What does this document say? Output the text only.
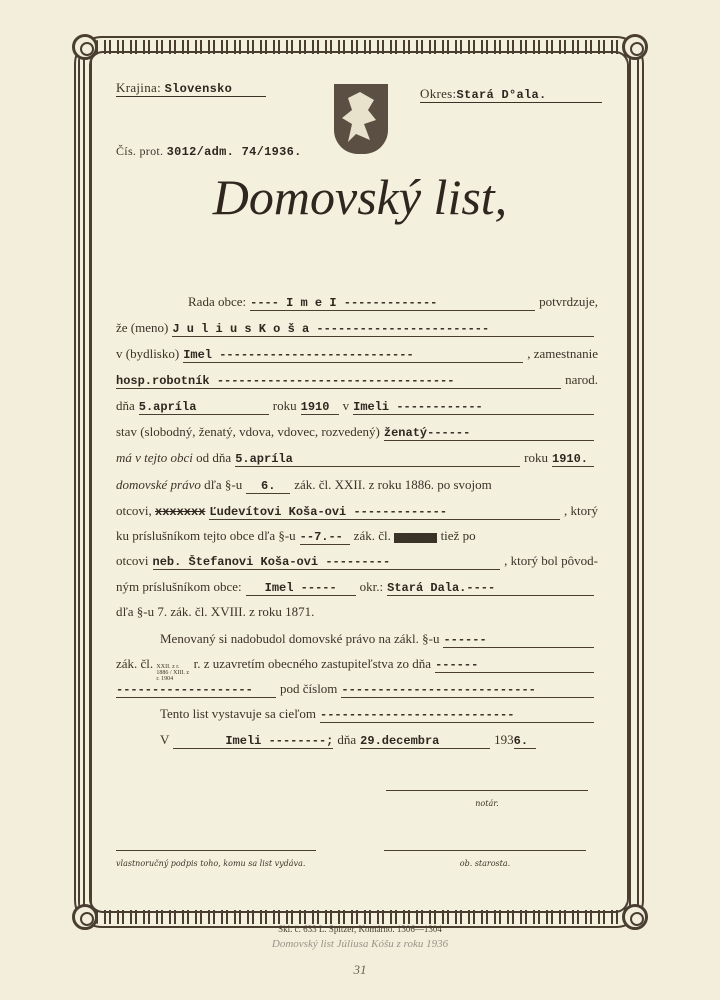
Krajina: Slovensko	Okres:Stará D°ala.
Čís. prot. 3012/adm. 74/1936.
Domovský list,
Rada obce: ---- I m e I -------------	potvrdzuje,
že (meno) J u l i u s K o š a ------------------------
v (bydlisko) Imel ---------------------------	, zamestnanie
hosp.robotník ---------------------------------	narod.
dňa 5.apríla	roku 1910	v Imeli ------------
stav (slobodný, ženatý, vdova, vdovec, rozvedený) ženatý------
má v
tejto
obci
od dňa 5.apríla	roku 1910.
domovské právo
dľa §-u	6.	zák. čl. XXII. z roku 1886. po svojom
otcovi,
xxxxxxx Ľudevítovi Koša-ovi -------------	, ktorý
ku príslušníkom tejto obce dľa §-u --7.-- zák. čl.
XXXXXXXX
tiež po
otcovi neb. Štefanovi Koša-ovi ---------	, ktorý bol pôvod-
ným príslušníkom obce:	Imel -----	okr.: Stará Dala.----
dľa §-u 7. zák. čl. XVIII. z roku 1871.
Menovaný si nadobudol domovské právo na zákl. §-u ------
zák. čl.
XXII. z r. 1886 / XIII. z r. 1904

r. z uzavretím obecného zastupiteľstva zo dňa ------
-------------------	pod číslom ---------------------------
Tento list vystavuje sa cieľom ---------------------------
V	Imeli --------; dňa 29.decembra	193 6.
notár.
vlastnoručný podpis toho, komu sa list vydáva.	ob. starosta.
Skl. č. 633 L. Spitzer, Komárno. 1306—1304
Domovský list Júliusa Kóšu z roku 1936
31
